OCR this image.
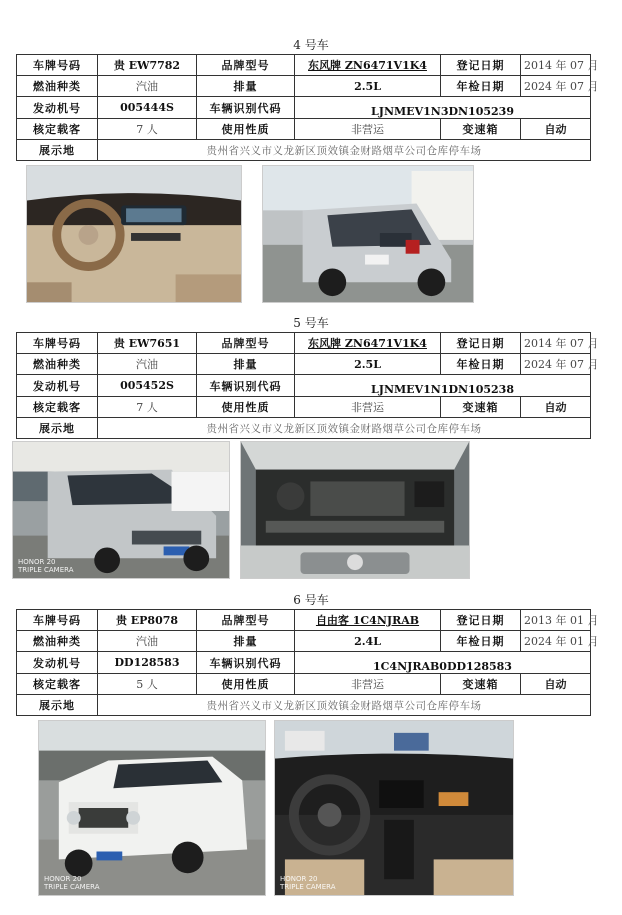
4 号车
车牌号码	贵 EW7782	品牌型号	东风牌 ZN6471V1K4	登记日期	2014 年 07 月
燃油种类	汽油	排量	2.5L	年检日期	2024 年 07 月
发动机号	005444S	车辆识别代码	LJNMEV1N3DN105239		
核定载客	7 人	使用性质	非营运	变速箱	自动
展示地	贵州省兴义市义龙新区顶效镇金财路烟草公司仓库停车场				
5 号车
车牌号码	贵 EW7651	品牌型号	东风牌 ZN6471V1K4	登记日期	2014 年 07 月
燃油种类	汽油	排量	2.5L	年检日期	2024 年 07 月
发动机号	005452S	车辆识别代码	LJNMEV1N1DN105238		
核定载客	7 人	使用性质	非营运	变速箱	自动
展示地	贵州省兴义市义龙新区顶效镇金财路烟草公司仓库停车场				
HONOR 20
TRIPLE CAMERA
6 号车
车牌号码	贵 EP8078	品牌型号	自由客 1C4NJRAB	登记日期	2013 年 01 月
燃油种类	汽油	排量	2.4L	年检日期	2024 年 01 月
发动机号	DD128583	车辆识别代码	1C4NJRAB0DD128583		
核定载客	5 人	使用性质	非营运	变速箱	自动
展示地	贵州省兴义市义龙新区顶效镇金财路烟草公司仓库停车场				
HONOR 20
TRIPLE CAMERA
HONOR 20
TRIPLE CAMERA
